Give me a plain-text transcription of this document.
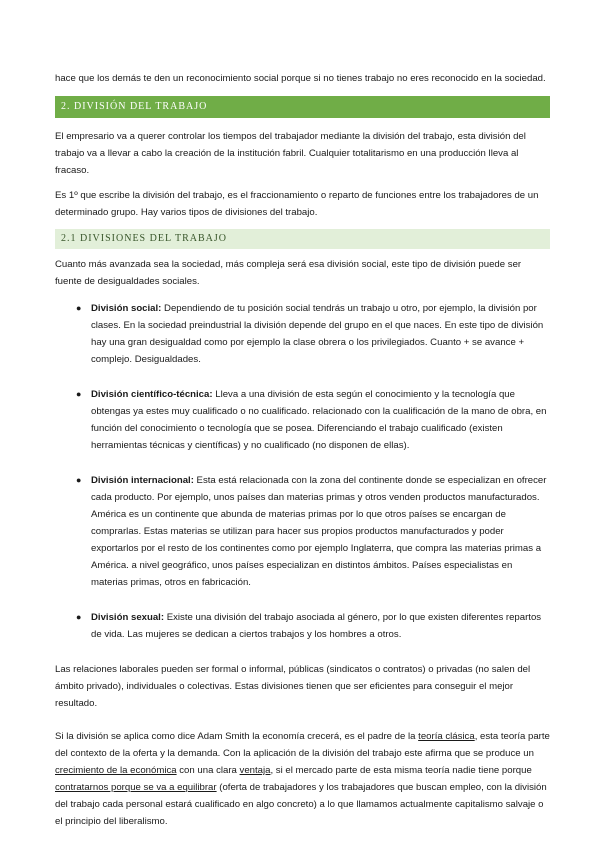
hace que los demás te den un reconocimiento social porque si no tienes trabajo no eres reconocido en la sociedad.

2. DIVISIÓN DEL TRABAJO

El empresario va a querer controlar los tiempos del trabajador mediante la división del trabajo, esta división del trabajo va a llevar a cabo la creación de la institución fabril. Cualquier totalitarismo en una producción lleva al fracaso.

Es 1º que escribe la división del trabajo, es el fraccionamiento o reparto de funciones entre los trabajadores de un determinado grupo. Hay varios tipos de divisiones del trabajo.

2.1 DIVISIONES DEL TRABAJO

Cuanto más avanzada sea la sociedad, más compleja será esa división social, este tipo de división puede ser fuente de desigualdades sociales.

● División social: Dependiendo de tu posición social tendrás un trabajo u otro, por ejemplo, la división por clases. En la sociedad preindustrial la división depende del grupo en el que naces. En este tipo de división hay una gran desigualdad como por ejemplo la clase obrera o los privilegiados. Cuanto + se avance + complejo. Desigualdades.

● División científico-técnica: Lleva a una división de esta según el conocimiento y la tecnología que obtengas ya estes muy cualificado o no cualificado. relacionado con la cualificación de la mano de obra, en función del conocimiento o tecnología que se posea. Diferenciando el trabajo cualificado (existen herramientas técnicas y científicas) y no cualificado (no disponen de ellas).

● División internacional: Esta está relacionada con la zona del continente donde se especializan en ofrecer cada producto. Por ejemplo, unos países dan materias primas y otros venden productos manufacturados. América es un continente que abunda de materias primas por lo que otros países se encargan de comprarlas. Estas materias se utilizan para hacer sus propios productos manufacturados y poder exportarlos por el resto de los continentes como por ejemplo Inglaterra, que compra las materias primas a América. a nivel geográfico, unos países especializan en distintos ámbitos. Países especialistas en materias primas, otros en fabricación.

● División sexual: Existe una división del trabajo asociada al género, por lo que existen diferentes repartos de vida. Las mujeres se dedican a ciertos trabajos y los hombres a otros.

Las relaciones laborales pueden ser formal o informal, públicas (sindicatos o contratos) o privadas (no salen del ámbito privado), individuales o colectivas. Estas divisiones tienen que ser eficientes para conseguir el mejor resultado.

Si la división se aplica como dice Adam Smith la economía crecerá, es el padre de la teoría clásica, esta teoría parte del contexto de la oferta y la demanda. Con la aplicación de la división del trabajo este afirma que se produce un crecimiento de la económica con una clara ventaja, si el mercado parte de esta misma teoría nadie tiene porque contratarnos porque se va a equilibrar (oferta de trabajadores y los trabajadores que buscan empleo, con la división del trabajo cada personal estará cualificado en algo concreto) a lo que llamamos actualmente capitalismo salvaje o el principio del liberalismo.
